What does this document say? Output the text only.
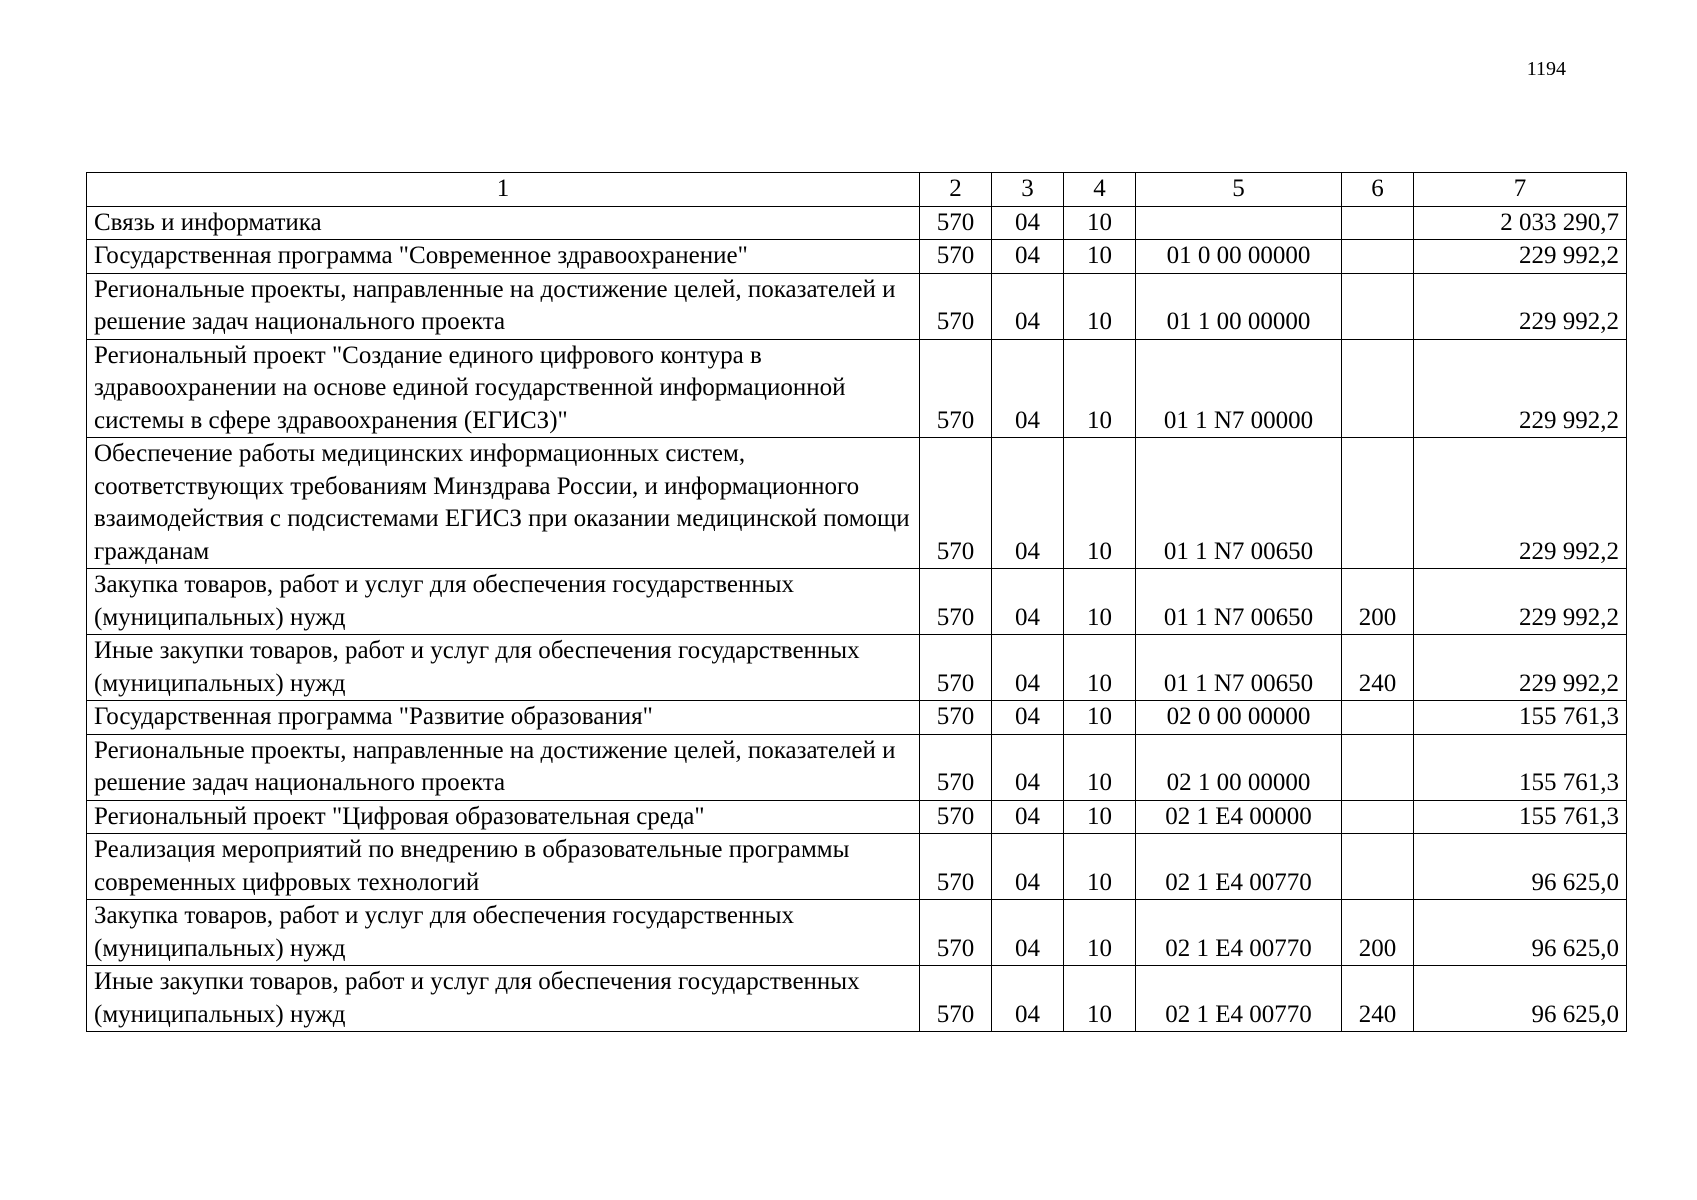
1194
1	2	3	4	5	6	7
Связь и информатика	570	04	10			2 033 290,7
Государственная программа "Современное здравоохранение"	570	04	10	01 0 00 00000		229 992,2
Региональные проекты, направленные на достижение целей, показателей и решение задач национального проекта	570	04	10	01 1 00 00000		229 992,2
Региональный проект "Создание единого цифрового контура в здравоохранении на основе единой государственной информационной системы в сфере здравоохранения (ЕГИСЗ)"	570	04	10	01 1 N7 00000		229 992,2
Обеспечение работы медицинских информационных систем, соответствующих требованиям Минздрава России, и информационного взаимодействия с подсистемами ЕГИСЗ при оказании медицинской помощи гражданам	570	04	10	01 1 N7 00650		229 992,2
Закупка товаров, работ и услуг для обеспечения государственных (муниципальных) нужд	570	04	10	01 1 N7 00650	200	229 992,2
Иные закупки товаров, работ и услуг для обеспечения государственных (муниципальных) нужд	570	04	10	01 1 N7 00650	240	229 992,2
Государственная программа "Развитие образования"	570	04	10	02 0 00 00000		155 761,3
Региональные проекты, направленные на достижение целей, показателей и решение задач национального проекта	570	04	10	02 1 00 00000		155 761,3
Региональный проект "Цифровая образовательная среда"	570	04	10	02 1 E4 00000		155 761,3
Реализация мероприятий по внедрению в образовательные программы современных цифровых технологий	570	04	10	02 1 E4 00770		96 625,0
Закупка товаров, работ и услуг для обеспечения государственных (муниципальных) нужд	570	04	10	02 1 E4 00770	200	96 625,0
Иные закупки товаров, работ и услуг для обеспечения государственных (муниципальных) нужд	570	04	10	02 1 E4 00770	240	96 625,0
